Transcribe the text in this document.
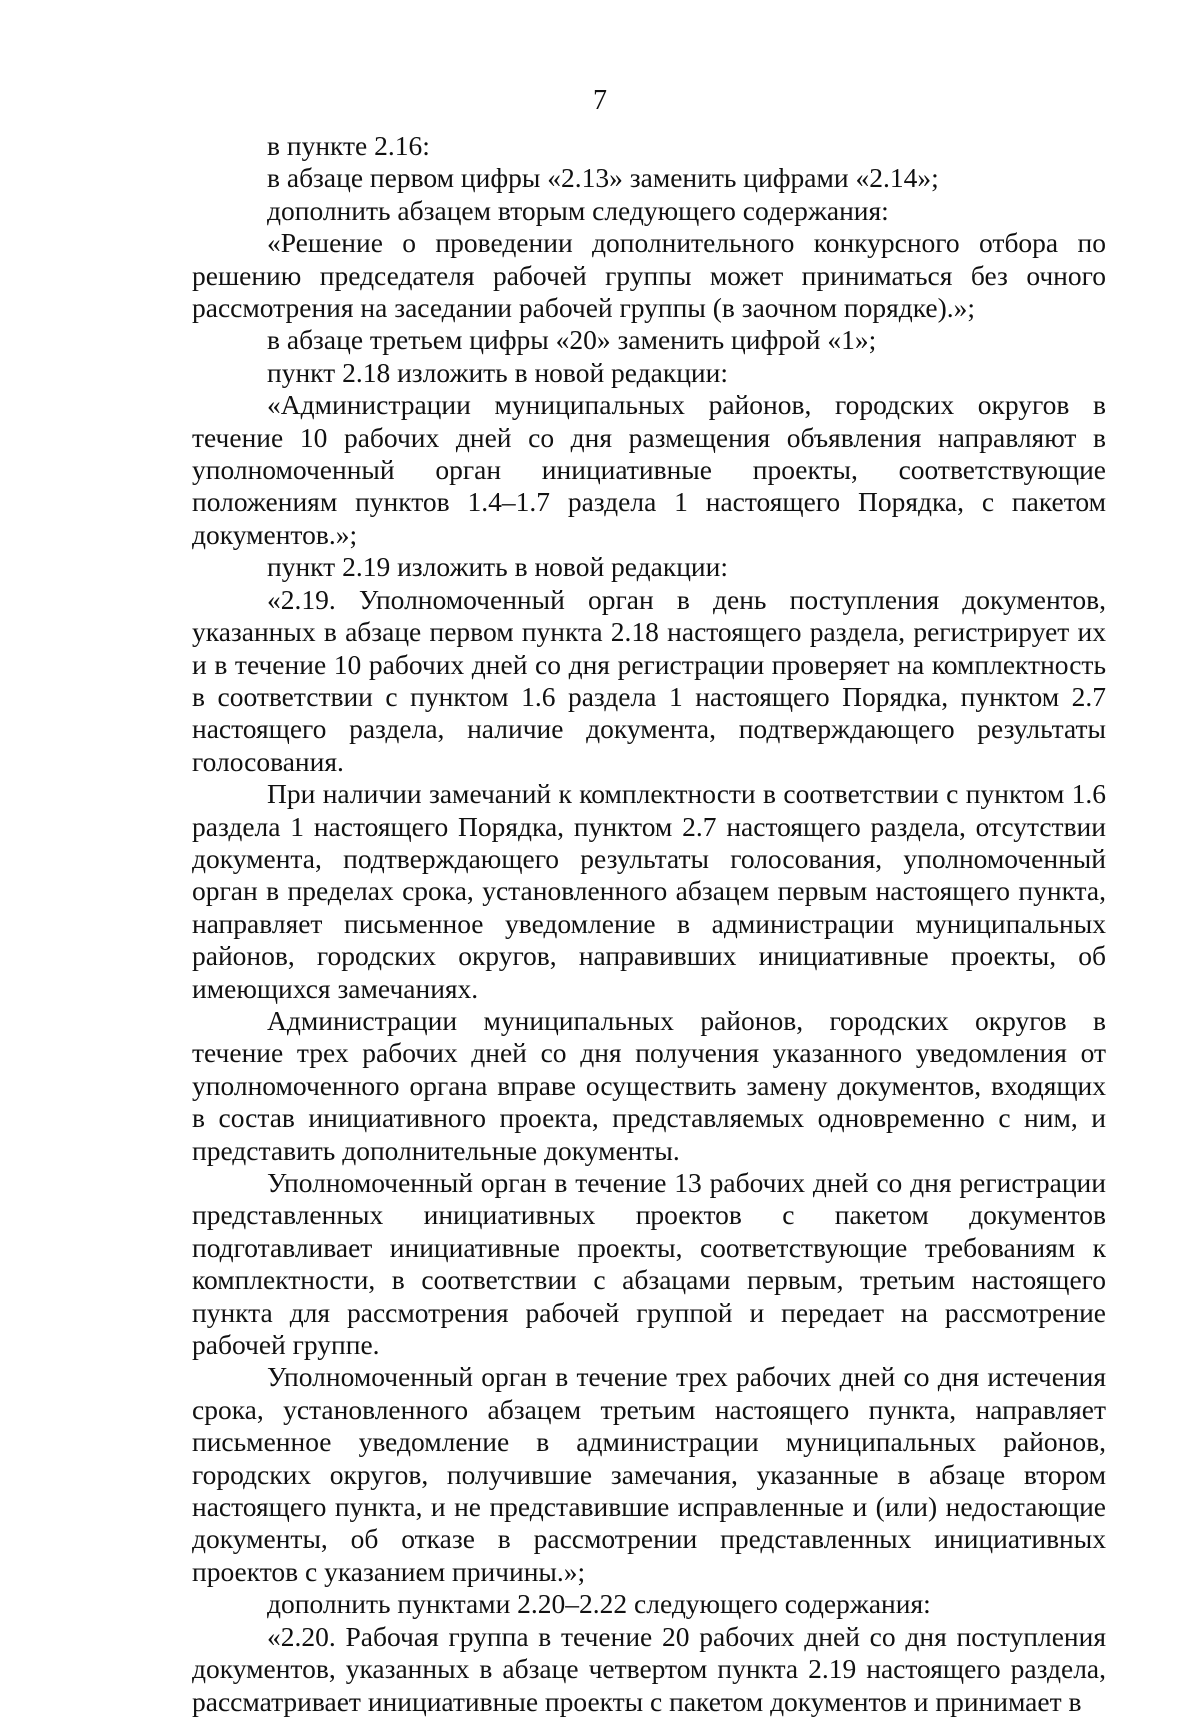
7

в пункте 2.16:

в абзаце первом цифры «2.13» заменить цифрами «2.14»;

дополнить абзацем вторым следующего содержания:

«Решение о проведении дополнительного конкурсного отбора по решению председателя рабочей группы может приниматься без очного рассмотрения на заседании рабочей группы (в заочном порядке).»;

в абзаце третьем цифры «20» заменить цифрой «1»;

пункт 2.18 изложить в новой редакции:

«Администрации муниципальных районов, городских округов в течение 10 рабочих дней со дня размещения объявления направляют в уполномоченный орган инициативные проекты, соответствующие положениям пунктов 1.4–1.7 раздела 1 настоящего Порядка, с пакетом документов.»;

пункт 2.19 изложить в новой редакции:

«2.19. Уполномоченный орган в день поступления документов, указанных в абзаце первом пункта 2.18 настоящего раздела, регистрирует их и в течение 10 рабочих дней со дня регистрации проверяет на комплектность в соответствии с пунктом 1.6 раздела 1 настоящего Порядка, пунктом 2.7 настоящего раздела, наличие документа, подтверждающего результаты голосования.

При наличии замечаний к комплектности в соответствии с пунктом 1.6 раздела 1 настоящего Порядка, пунктом 2.7 настоящего раздела, отсутствии документа, подтверждающего результаты голосования, уполномоченный орган в пределах срока, установленного абзацем первым настоящего пункта, направляет письменное уведомление в администрации муниципальных районов, городских округов, направивших инициативные проекты, об имеющихся замечаниях.

Администрации муниципальных районов, городских округов в течение трех рабочих дней со дня получения указанного уведомления от уполномоченного органа вправе осуществить замену документов, входящих в состав инициативного проекта, представляемых одновременно с ним, и представить дополнительные документы.

Уполномоченный орган в течение 13 рабочих дней со дня регистрации представленных инициативных проектов с пакетом документов подготавливает инициативные проекты, соответствующие требованиям к комплектности, в соответствии с абзацами первым, третьим настоящего пункта для рассмотрения рабочей группой и передает на рассмотрение рабочей группе.

Уполномоченный орган в течение трех рабочих дней со дня истечения срока, установленного абзацем третьим настоящего пункта, направляет письменное уведомление в администрации муниципальных районов, городских округов, получившие замечания, указанные в абзаце втором настоящего пункта, и не представившие исправленные и (или) недостающие документы, об отказе в рассмотрении представленных инициативных проектов с указанием причины.»;

дополнить пунктами 2.20–2.22 следующего содержания:

«2.20. Рабочая группа в течение 20 рабочих дней со дня поступления документов, указанных в абзаце четвертом пункта 2.19 настоящего раздела, рассматривает инициативные проекты с пакетом документов и принимает в
